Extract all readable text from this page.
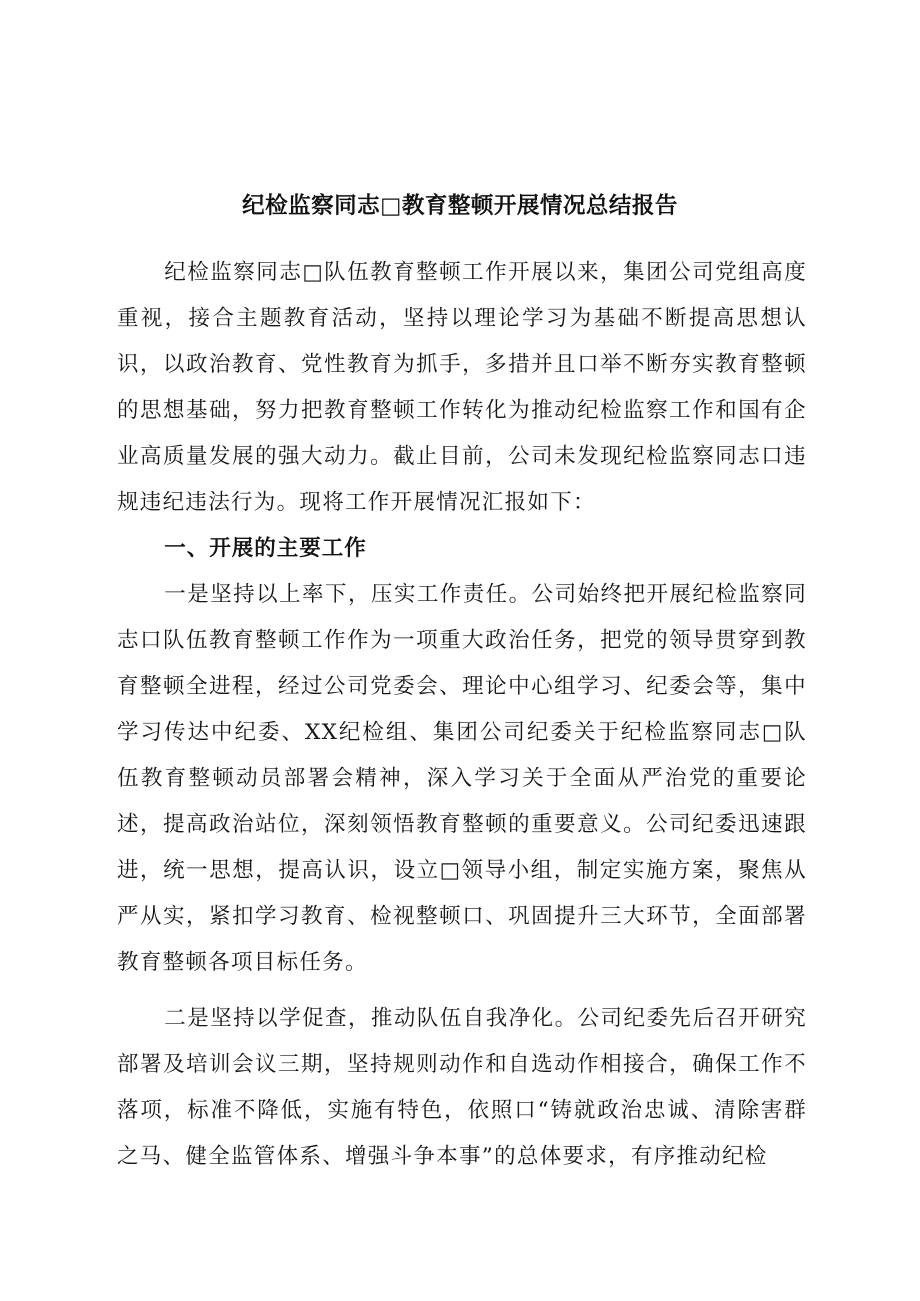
纪检监察同志□教育整顿开展情况总结报告

纪检监察同志□队伍教育整顿工作开展以来，集团公司党组高度重视，接合主题教育活动，坚持以理论学习为基础不断提高思想认识，以政治教育、党性教育为抓手，多措并且口举不断夯实教育整顿的思想基础，努力把教育整顿工作转化为推动纪检监察工作和国有企业高质量发展的强大动力。截止目前，公司未发现纪检监察同志口违规违纪违法行为。现将工作开展情况汇报如下：

一、开展的主要工作

一是坚持以上率下，压实工作责任。公司始终把开展纪检监察同志口队伍教育整顿工作作为一项重大政治任务，把党的领导贯穿到教育整顿全进程，经过公司党委会、理论中心组学习、纪委会等，集中学习传达中纪委、XX纪检组、集团公司纪委关于纪检监察同志□队伍教育整顿动员部署会精神，深入学习关于全面从严治党的重要论述，提高政治站位，深刻领悟教育整顿的重要意义。公司纪委迅速跟进，统一思想，提高认识，设立□领导小组，制定实施方案，聚焦从严从实，紧扣学习教育、检视整顿口、巩固提升三大环节，全面部署教育整顿各项目标任务。

二是坚持以学促查，推动队伍自我净化。公司纪委先后召开研究部署及培训会议三期，坚持规则动作和自选动作相接合，确保工作不落项，标准不降低，实施有特色，依照口“铸就政治忠诚、清除害群之马、健全监管体系、增强斗争本事”的总体要求，有序推动纪检
